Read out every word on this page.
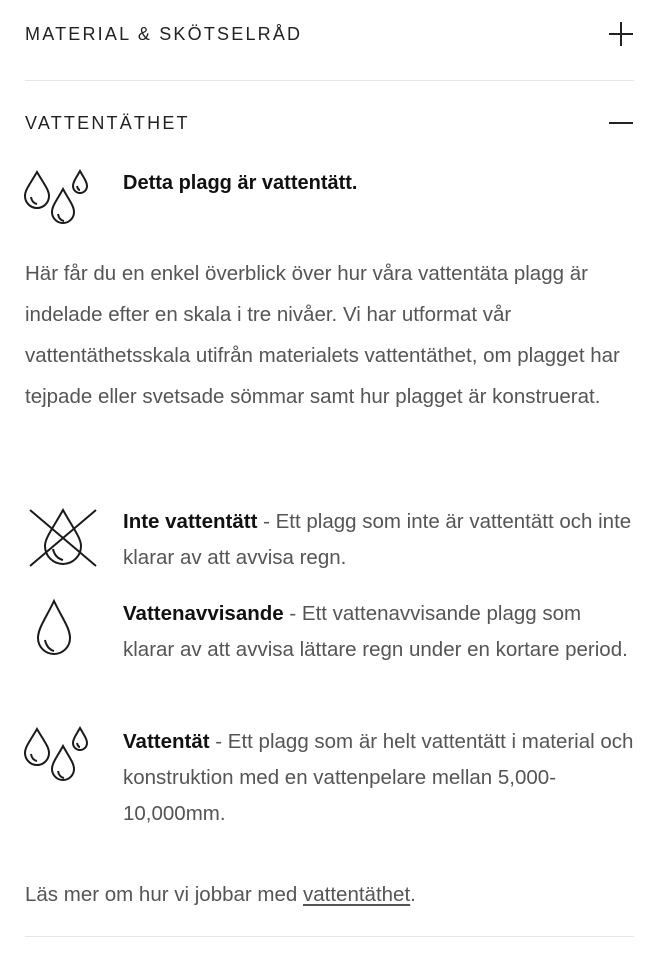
MATERIAL & SKÖTSELRÅD
VATTENTÄTHET
Detta plagg är vattentätt.
Här får du en enkel överblick över hur våra vattentäta plagg är indelade efter en skala i tre nivåer. Vi har utformat vår vattentäthetsskala utifrån materialets vattentäthet, om plagget har tejpade eller svetsade sömmar samt hur plagget är konstruerat.
Inte vattentätt - Ett plagg som inte är vattentätt och inte klarar av att avvisa regn.
Vattenavvisande - Ett vattenavvisande plagg som klarar av att avvisa lättare regn under en kortare period.
Vattentät - Ett plagg som är helt vattentätt i material och konstruktion med en vattenpelare mellan 5,000-10,000mm.
Läs mer om hur vi jobbar med vattentäthet.
